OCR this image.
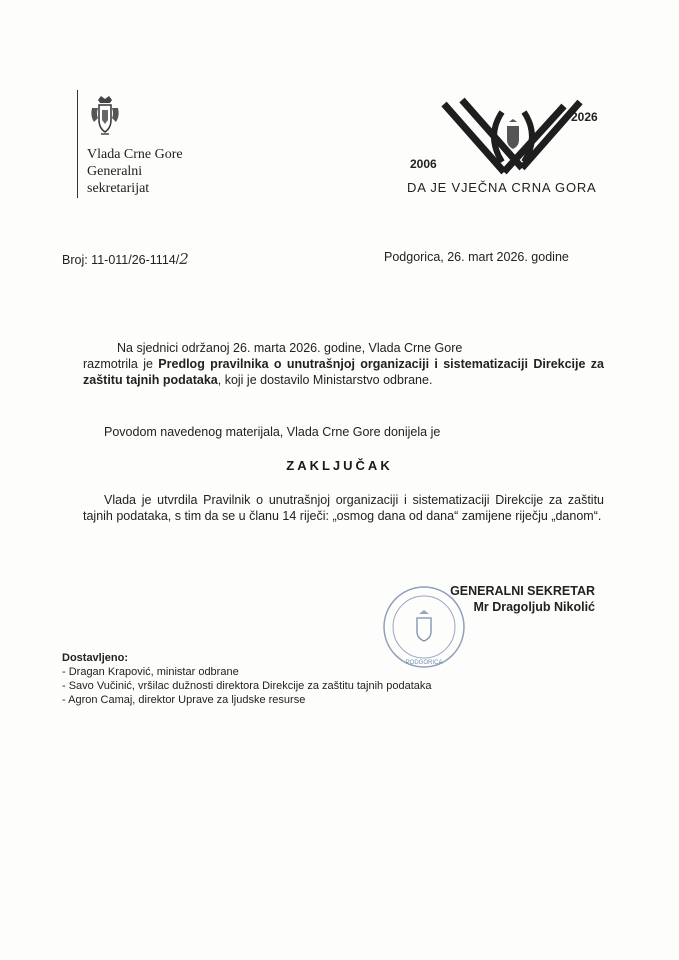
Vlada Crne Gore
Generalni
sekretarijat
2006
2026
DA JE VJEČNA CRNA GORA
Broj: 11-011/26-1114/2	Podgorica, 26. mart 2026. godine
Na sjednici održanoj 26. marta 2026. godine, Vlada Crne Gore
razmotrila je Predlog pravilnika o unutrašnjoj organizaciji i sistematizaciji Direkcije za zaštitu tajnih podataka, koji je dostavilo Ministarstvo odbrane.
Povodom navedenog materijala, Vlada Crne Gore donijela je
ZAKLJUČAK
Vlada je utvrdila Pravilnik o unutrašnjoj organizaciji i sistematizaciji Direkcije za zaštitu tajnih podataka, s tim da se u članu 14 riječi: „osmog dana od dana“ zamijene riječju „danom“.
PODGORICA
GENERALNI SEKRETAR
Mr Dragoljub Nikolić
Dostavljeno:
- Dragan Krapović, ministar odbrane
- Savo Vučinić, vršilac dužnosti direktora Direkcije za zaštitu tajnih podataka
- Agron Camaj, direktor Uprave za ljudske resurse
